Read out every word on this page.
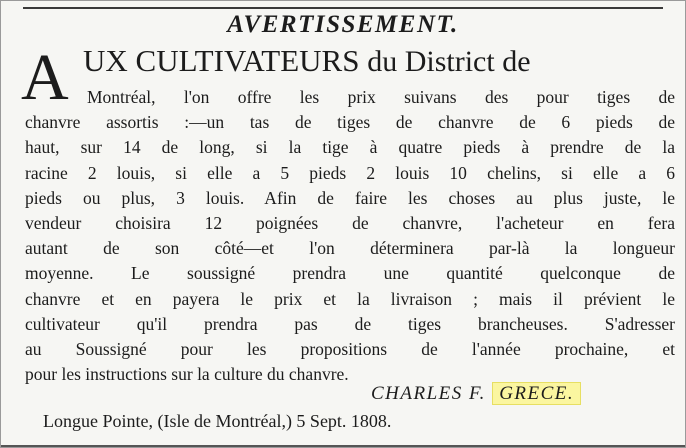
AVERTISSEMENT.
A UX CULTIVATEURS du District de
Montréal, l'on offre les prix suivans des pour tiges de
chanvre assortis :—un tas de tiges de chanvre de 6 pieds de
haut, sur 14 de long, si la tige à quatre pieds à prendre de la
racine 2 louis, si elle a 5 pieds 2 louis 10 chelins, si elle a 6
pieds ou plus, 3 louis. Afin de faire les choses au plus juste, le
vendeur choisira 12 poignées de chanvre, l'acheteur en fera
autant de son côté—et l'on déterminera par-là la longueur
moyenne. Le soussigné prendra une quantité quelconque de
chanvre et en payera le prix et la livraison ; mais il prévient le
cultivateur qu'il prendra pas de tiges brancheuses. S'adresser
au Soussigné pour les propositions de l'année prochaine, et
pour les instructions sur la culture du chanvre.
CHARLES F. GRECE.
Longue Pointe, (Isle de Montréal,) 5 Sept. 1808.
